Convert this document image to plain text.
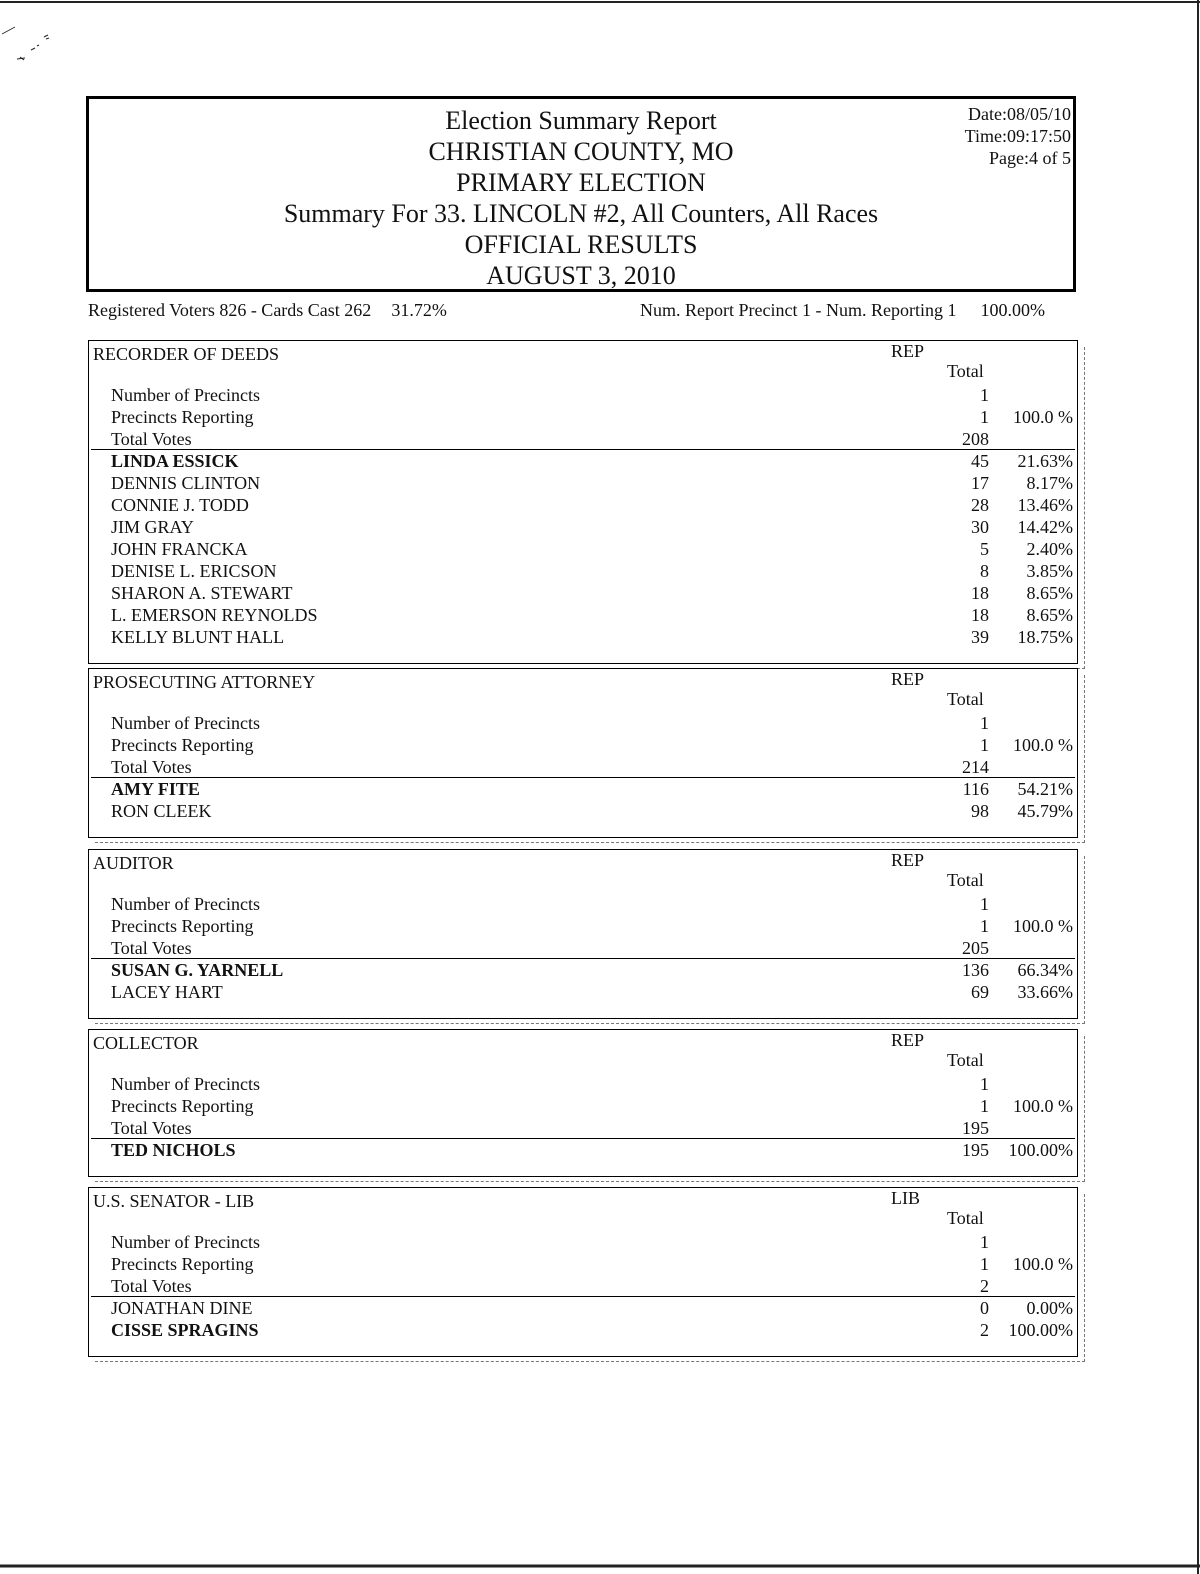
Election Summary Report
CHRISTIAN COUNTY, MO
PRIMARY ELECTION
Summary For 33. LINCOLN #2, All Counters, All Races
OFFICIAL RESULTS
AUGUST 3, 2010
Date:08/05/10
Time:09:17:50
Page:4 of 5
Registered Voters 826 - Cards Cast 262 31.72%	Num. Report Precinct 1 - Num. Reporting 1 100.00%
RECORDER OF DEEDS	REP
Total
Number of Precincts	1
Precincts Reporting	1 100.0 %
Total Votes	208
LINDA ESSICK	45 21.63%
DENNIS CLINTON	17 8.17%
CONNIE J. TODD	28 13.46%
JIM GRAY	30 14.42%
JOHN FRANCKA	5 2.40%
DENISE L. ERICSON	8 3.85%
SHARON A. STEWART	18 8.65%
L. EMERSON REYNOLDS	18 8.65%
KELLY BLUNT HALL	39 18.75%
PROSECUTING ATTORNEY	REP
Total
Number of Precincts	1
Precincts Reporting	1 100.0 %
Total Votes	214
AMY FITE	116 54.21%
RON CLEEK	98 45.79%
AUDITOR	REP
Total
Number of Precincts	1
Precincts Reporting	1 100.0 %
Total Votes	205
SUSAN G. YARNELL	136 66.34%
LACEY HART	69 33.66%
COLLECTOR	REP
Total
Number of Precincts	1
Precincts Reporting	1 100.0 %
Total Votes	195
TED NICHOLS	195 100.00%
U.S. SENATOR - LIB	LIB
Total
Number of Precincts	1
Precincts Reporting	1 100.0 %
Total Votes	2
JONATHAN DINE	0 0.00%
CISSE SPRAGINS	2 100.00%
